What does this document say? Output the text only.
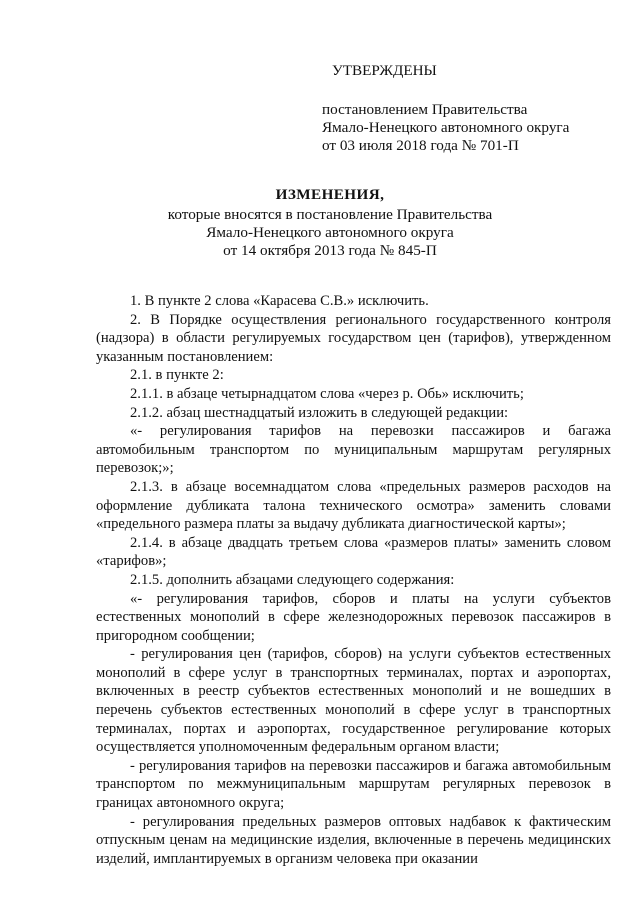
УТВЕРЖДЕНЫ
постановлением Правительства
Ямало-Ненецкого автономного округа
от 03 июля 2018 года № 701-П
ИЗМЕНЕНИЯ,
которые вносятся в постановление Правительства
Ямало-Ненецкого автономного округа
от 14 октября 2013 года № 845-П

1. В пункте 2 слова «Карасева С.В.» исключить.

2. В Порядке осуществления регионального государственного контроля (надзора) в области регулируемых государством цен (тарифов), утвержденном указанным постановлением:

2.1. в пункте 2:

2.1.1. в абзаце четырнадцатом слова «через р. Обь» исключить;

2.1.2. абзац шестнадцатый изложить в следующей редакции:

«- регулирования тарифов на перевозки пассажиров и багажа автомобильным транспортом по муниципальным маршрутам регулярных перевозок;»;

2.1.3. в абзаце восемнадцатом слова «предельных размеров расходов на оформление дубликата талона технического осмотра» заменить словами «предельного размера платы за выдачу дубликата диагностической карты»;

2.1.4. в абзаце двадцать третьем слова «размеров платы» заменить словом «тарифов»;

2.1.5. дополнить абзацами следующего содержания:

«- регулирования тарифов, сборов и платы на услуги субъектов естественных монополий в сфере железнодорожных перевозок пассажиров в пригородном сообщении;

- регулирования цен (тарифов, сборов) на услуги субъектов естественных монополий в сфере услуг в транспортных терминалах, портах и аэропортах, включенных в реестр субъектов естественных монополий и не вошедших в перечень субъектов естественных монополий в сфере услуг в транспортных терминалах, портах и аэропортах, государственное регулирование которых осуществляется уполномоченным федеральным органом власти;

- регулирования тарифов на перевозки пассажиров и багажа автомобильным транспортом по межмуниципальным маршрутам регулярных перевозок в границах автономного округа;

- регулирования предельных размеров оптовых надбавок к фактическим отпускным ценам на медицинские изделия, включенные в перечень медицинских изделий, имплантируемых в организм человека при оказании
